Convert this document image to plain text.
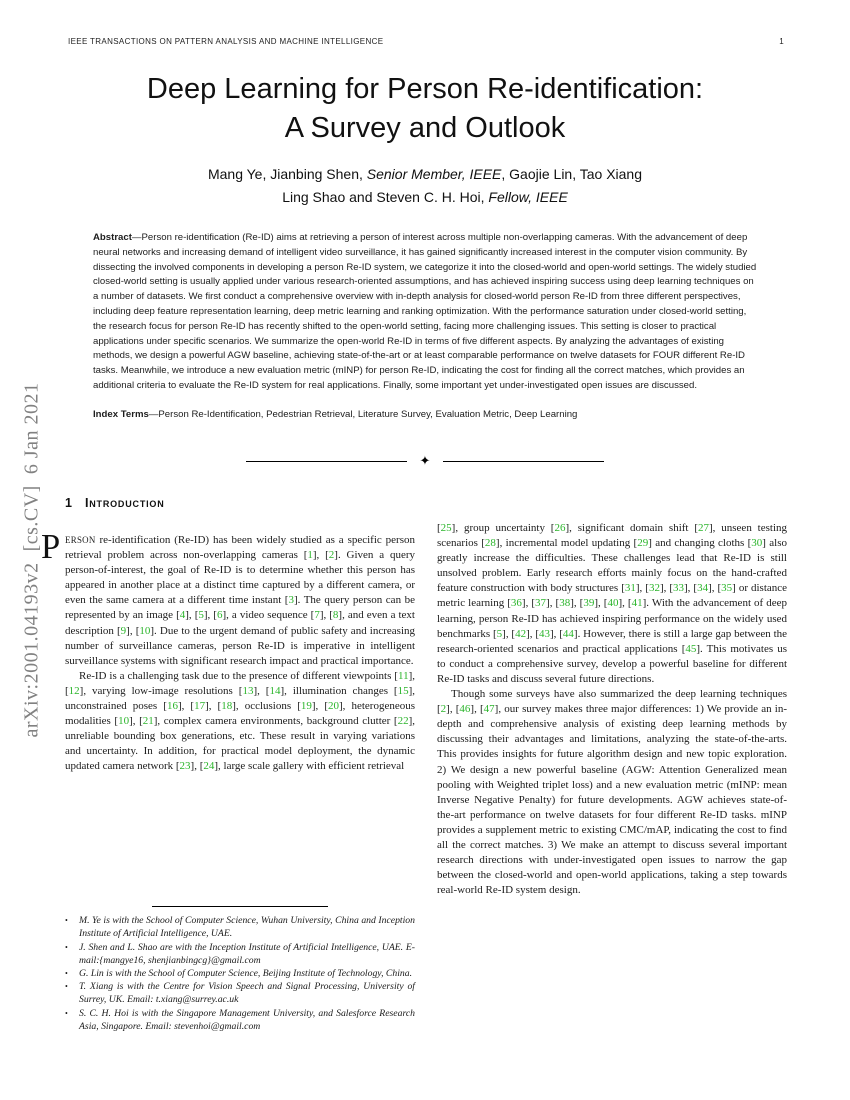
IEEE TRANSACTIONS ON PATTERN ANALYSIS AND MACHINE INTELLIGENCE	1
arXiv:2001.04193v2  [cs.CV]  6 Jan 2021
Deep Learning for Person Re-identification:
A Survey and Outlook
Mang Ye, Jianbing Shen, Senior Member, IEEE, Gaojie Lin, Tao Xiang
Ling Shao and Steven C. H. Hoi, Fellow, IEEE

Abstract—Person re-identification (Re-ID) aims at retrieving a person of interest across multiple non-overlapping cameras. With the advancement of deep neural networks and increasing demand of intelligent video surveillance, it has gained significantly increased interest in the computer vision community. By dissecting the involved components in developing a person Re-ID system, we categorize it into the closed-world and open-world settings. The widely studied closed-world setting is usually applied under various research-oriented assumptions, and has achieved inspiring success using deep learning techniques on a number of datasets. We first conduct a comprehensive overview with in-depth analysis for closed-world person Re-ID from three different perspectives, including deep feature representation learning, deep metric learning and ranking optimization. With the performance saturation under closed-world setting, the research focus for person Re-ID has recently shifted to the open-world setting, facing more challenging issues. This setting is closer to practical applications under specific scenarios. We summarize the open-world Re-ID in terms of five different aspects. By analyzing the advantages of existing methods, we design a powerful AGW baseline, achieving state-of-the-art or at least comparable performance on twelve datasets for FOUR different Re-ID tasks. Meanwhile, we introduce a new evaluation metric (mINP) for person Re-ID, indicating the cost for finding all the correct matches, which provides an additional criteria to evaluate the Re-ID system for real applications. Finally, some important yet under-investigated open issues are discussed.

Index Terms—Person Re-Identification, Pedestrian Retrieval, Literature Survey, Evaluation Metric, Deep Learning

✦
1 Introduction

PERSON re-identification (Re-ID) has been widely studied as a specific person retrieval problem across non-overlapping cameras [1], [2]. Given a query person-of-interest, the goal of Re-ID is to determine whether this person has appeared in another place at a distinct time captured by a different camera, or even the same camera at a different time instant [3]. The query person can be represented by an image [4], [5], [6], a video sequence [7], [8], and even a text description [9], [10]. Due to the urgent demand of public safety and increasing number of surveillance cameras, person Re-ID is imperative in intelligent surveillance systems with significant research impact and practical importance.

Re-ID is a challenging task due to the presence of different viewpoints [11], [12], varying low-image resolutions [13], [14], illumination changes [15], unconstrained poses [16], [17], [18], occlusions [19], [20], heterogeneous modalities [10], [21], complex camera environments, background clutter [22], unreliable bounding box generations, etc. These result in varying variations and uncertainty. In addition, for practical model deployment, the dynamic updated camera network [23], [24], large scale gallery with efficient retrieval

•	M. Ye is with the School of Computer Science, Wuhan University, China and Inception Institute of Artificial Intelligence, UAE.
•	J. Shen and L. Shao are with the Inception Institute of Artificial Intelligence, UAE. E-mail:{mangye16, shenjianbingcg}@gmail.com
•	G. Lin is with the School of Computer Science, Beijing Institute of Technology, China.
•	T. Xiang is with the Centre for Vision Speech and Signal Processing, University of Surrey, UK. Email: t.xiang@surrey.ac.uk
•	S. C. H. Hoi is with the Singapore Management University, and Salesforce Research Asia, Singapore. Email: stevenhoi@gmail.com

[25], group uncertainty [26], significant domain shift [27], unseen testing scenarios [28], incremental model updating [29] and changing cloths [30] also greatly increase the difficulties. These challenges lead that Re-ID is still unsolved problem. Early research efforts mainly focus on the hand-crafted feature construction with body structures [31], [32], [33], [34], [35] or distance metric learning [36], [37], [38], [39], [40], [41]. With the advancement of deep learning, person Re-ID has achieved inspiring performance on the widely used benchmarks [5], [42], [43], [44]. However, there is still a large gap between the research-oriented scenarios and practical applications [45]. This motivates us to conduct a comprehensive survey, develop a powerful baseline for different Re-ID tasks and discuss several future directions.

Though some surveys have also summarized the deep learning techniques [2], [46], [47], our survey makes three major differences: 1) We provide an in-depth and comprehensive analysis of existing deep learning methods by discussing their advantages and limitations, analyzing the state-of-the-arts. This provides insights for future algorithm design and new topic exploration. 2) We design a new powerful baseline (AGW: Attention Generalized mean pooling with Weighted triplet loss) and a new evaluation metric (mINP: mean Inverse Negative Penalty) for future developments. AGW achieves state-of-the-art performance on twelve datasets for four different Re-ID tasks. mINP provides a supplement metric to existing CMC/mAP, indicating the cost to find all the correct matches. 3) We make an attempt to discuss several important research directions with under-investigated open issues to narrow the gap between the closed-world and open-world applications, taking a step towards real-world Re-ID system design.
